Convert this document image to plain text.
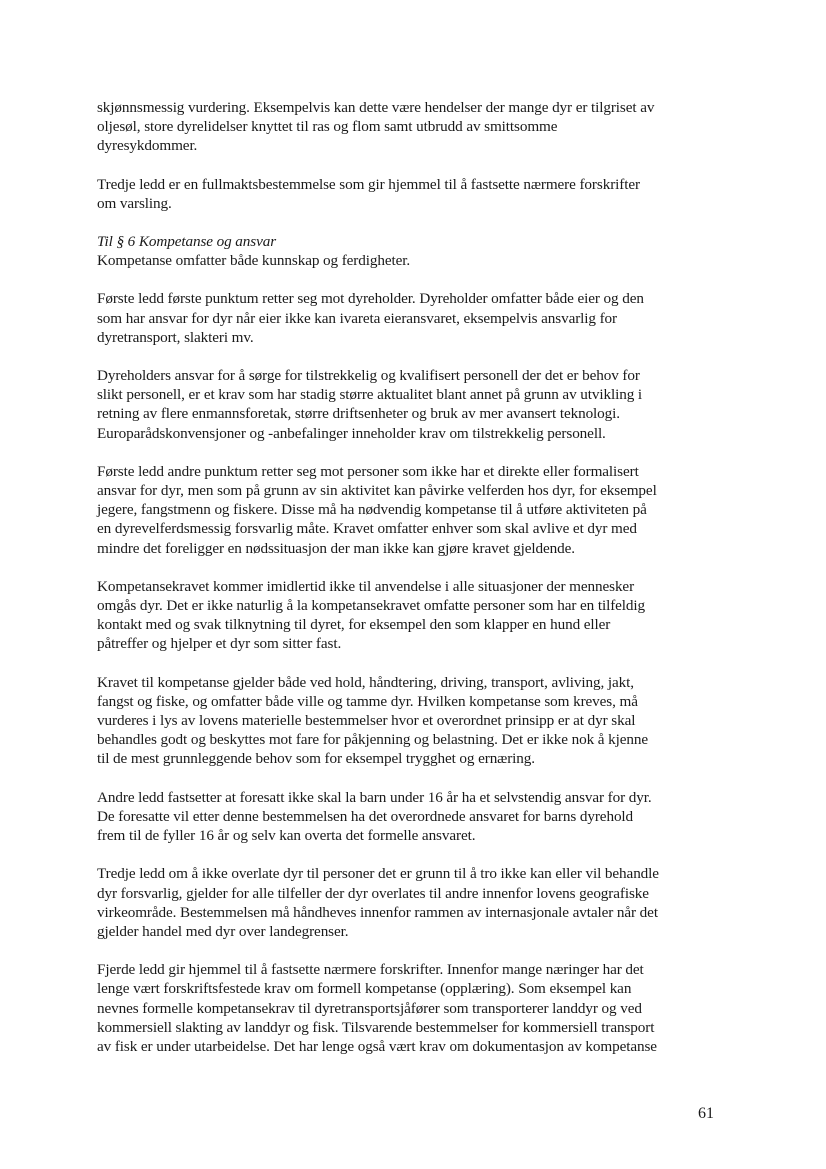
skjønnsmessig vurdering. Eksempelvis kan dette være hendelser der mange dyr er tilgriset av
oljesøl, store dyrelidelser knyttet til ras og flom samt utbrudd av smittsomme
dyresykdommer.

Tredje ledd er en fullmaktsbestemmelse som gir hjemmel til å fastsette nærmere forskrifter
om varsling.

Til § 6 Kompetanse og ansvar

Kompetanse omfatter både kunnskap og ferdigheter.

Første ledd første punktum retter seg mot dyreholder. Dyreholder omfatter både eier og den
som har ansvar for dyr når eier ikke kan ivareta eieransvaret, eksempelvis ansvarlig for
dyretransport, slakteri mv.

Dyreholders ansvar for å sørge for tilstrekkelig og kvalifisert personell der det er behov for
slikt personell, er et krav som har stadig større aktualitet blant annet på grunn av utvikling i
retning av flere enmannsforetak, større driftsenheter og bruk av mer avansert teknologi.
Europarådskonvensjoner og -anbefalinger inneholder krav om tilstrekkelig personell.

Første ledd andre punktum retter seg mot personer som ikke har et direkte eller formalisert
ansvar for dyr, men som på grunn av sin aktivitet kan påvirke velferden hos dyr, for eksempel
jegere, fangstmenn og fiskere. Disse må ha nødvendig kompetanse til å utføre aktiviteten på
en dyrevelferdsmessig forsvarlig måte. Kravet omfatter enhver som skal avlive et dyr med
mindre det foreligger en nødssituasjon der man ikke kan gjøre kravet gjeldende.

Kompetansekravet kommer imidlertid ikke til anvendelse i alle situasjoner der mennesker
omgås dyr. Det er ikke naturlig å la kompetansekravet omfatte personer som har en tilfeldig
kontakt med og svak tilknytning til dyret, for eksempel den som klapper en hund eller
påtreffer og hjelper et dyr som sitter fast.

Kravet til kompetanse gjelder både ved hold, håndtering, driving, transport, avliving, jakt,
fangst og fiske, og omfatter både ville og tamme dyr. Hvilken kompetanse som kreves, må
vurderes i lys av lovens materielle bestemmelser hvor et overordnet prinsipp er at dyr skal
behandles godt og beskyttes mot fare for påkjenning og belastning. Det er ikke nok å kjenne
til de mest grunnleggende behov som for eksempel trygghet og ernæring.

Andre ledd fastsetter at foresatt ikke skal la barn under 16 år ha et selvstendig ansvar for dyr.
De foresatte vil etter denne bestemmelsen ha det overordnede ansvaret for barns dyrehold
frem til de fyller 16 år og selv kan overta det formelle ansvaret.

Tredje ledd om å ikke overlate dyr til personer det er grunn til å tro ikke kan eller vil behandle
dyr forsvarlig, gjelder for alle tilfeller der dyr overlates til andre innenfor lovens geografiske
virkeområde. Bestemmelsen må håndheves innenfor rammen av internasjonale avtaler når det
gjelder handel med dyr over landegrenser.

Fjerde ledd gir hjemmel til å fastsette nærmere forskrifter. Innenfor mange næringer har det
lenge vært forskriftsfestede krav om formell kompetanse (opplæring). Som eksempel kan
nevnes formelle kompetansekrav til dyretransportsjåfører som transporterer landdyr og ved
kommersiell slakting av landdyr og fisk. Tilsvarende bestemmelser for kommersiell transport
av fisk er under utarbeidelse. Det har lenge også vært krav om dokumentasjon av kompetanse

61
